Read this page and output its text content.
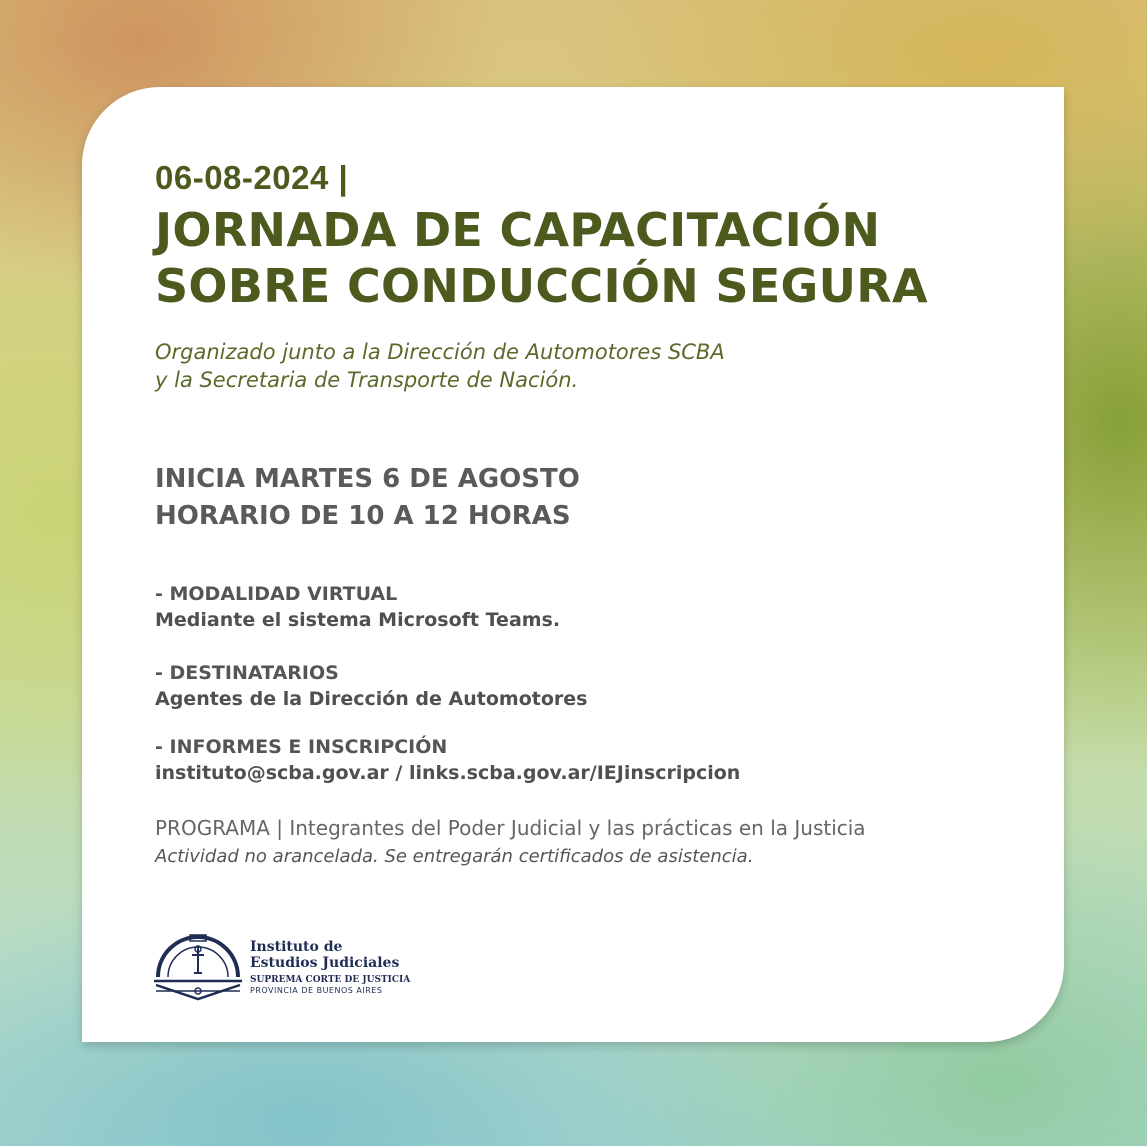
06-08-2024 |
JORNADA DE CAPACITACIÓN
SOBRE CONDUCCIÓN SEGURA
Organizado junto a la Dirección de Automotores SCBA
y la Secretaria de Transporte de Nación.
INICIA MARTES 6 DE AGOSTO
HORARIO DE 10 A 12 HORAS
- MODALIDAD VIRTUAL
Mediante el sistema Microsoft Teams.
- DESTINATARIOS
Agentes de la Dirección de Automotores
- INFORMES E INSCRIPCIÓN
instituto@scba.gov.ar / links.scba.gov.ar/IEJinscripcion
PROGRAMA | Integrantes del Poder Judicial y las prácticas en la Justicia
Actividad no arancelada. Se entregarán certificados de asistencia.
Instituto de
Estudios Judiciales
SUPREMA CORTE DE JUSTICIA
PROVINCIA DE BUENOS AIRES
